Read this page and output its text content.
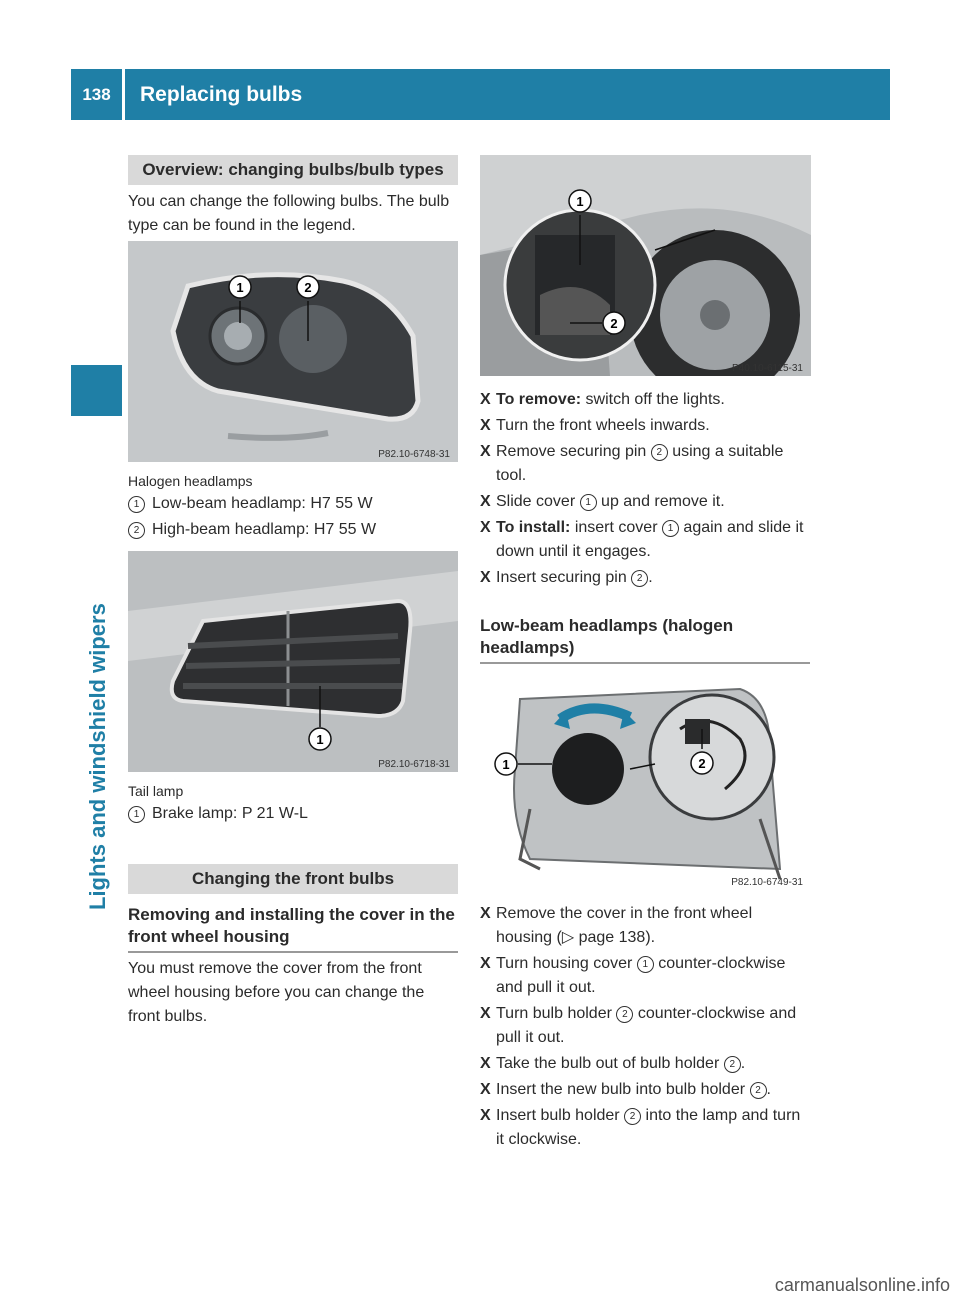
138	Replacing bulbs
Lights and windshield wipers
Overview: changing bulbs/bulb types
You can change the following bulbs. The bulb type can be found in the legend.
1	2
P82.10-6748-31
Halogen headlamps
1 Low-beam headlamp: H7 55 W
2 High-beam headlamp: H7 55 W
1
P82.10-6718-31
Tail lamp
1 Brake lamp: P 21 W-L
Changing the front bulbs
Removing and installing the cover in the front wheel housing
You must remove the cover from the front wheel housing before you can change the front bulbs.
1
2
P40.10-6115-31
X To remove: switch off the lights.
X Turn the front wheels inwards.
X Remove securing pin 2 using a suitable tool.
X Slide cover 1 up and remove it.
X To install: insert cover 1 again and slide it down until it engages.
X Insert securing pin 2 .
Low-beam headlamps (halogen headlamps)
1	2
P82.10-6749-31
X Remove the cover in the front wheel housing (▷ page 138).
X Turn housing cover 1 counter-clockwise and pull it out.
X Turn bulb holder 2 counter-clockwise and pull it out.
X Take the bulb out of bulb holder 2 .
X Insert the new bulb into bulb holder 2 .
X Insert bulb holder 2 into the lamp and turn it clockwise.
carmanualsonline.info
